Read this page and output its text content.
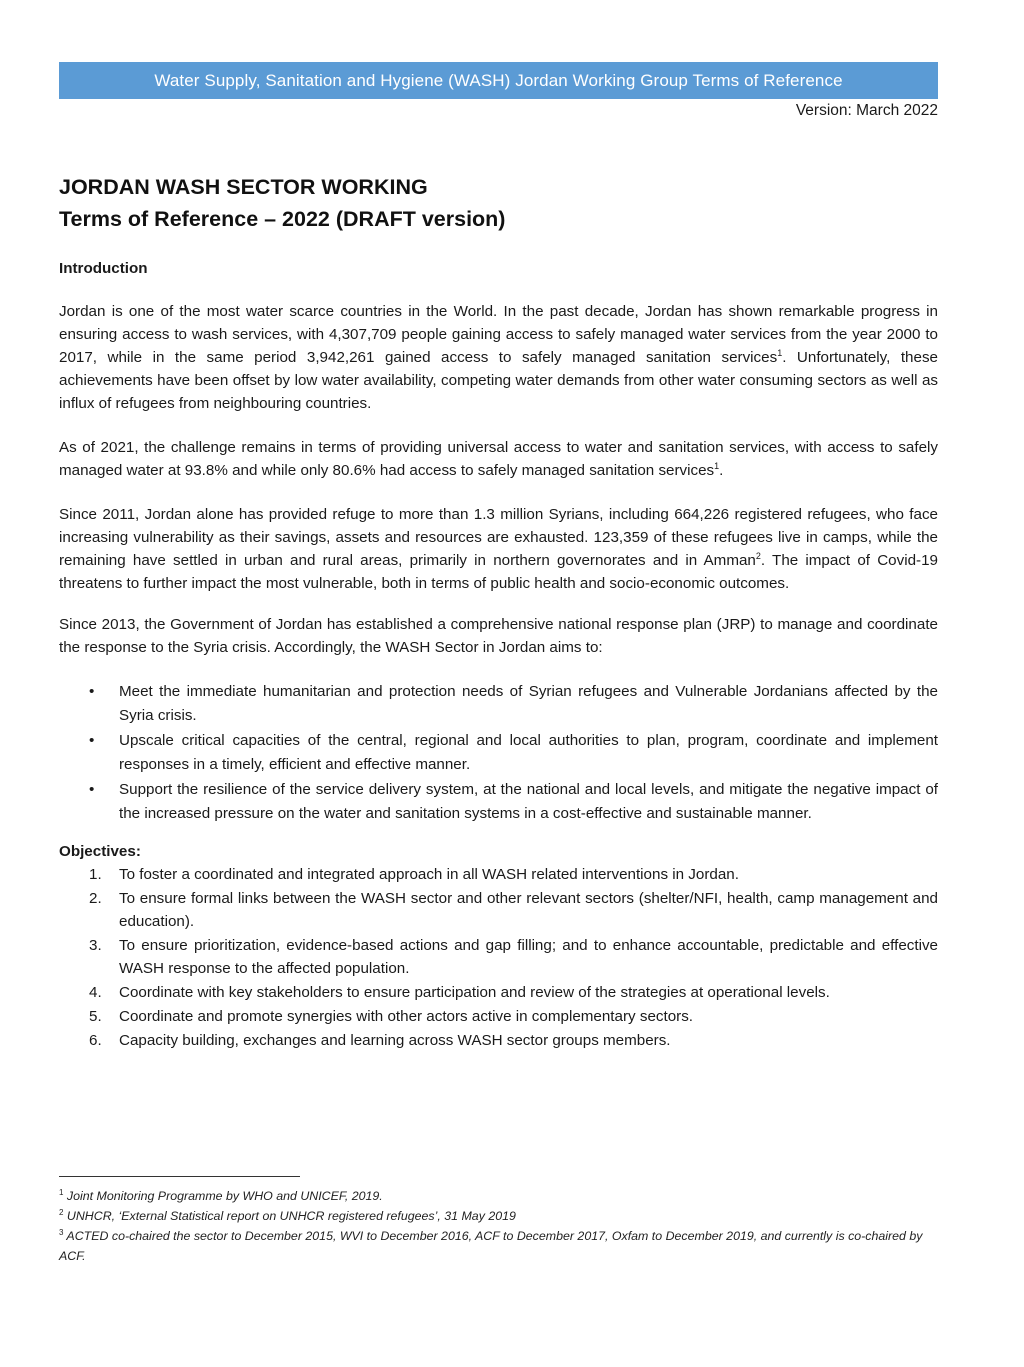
Water Supply, Sanitation and Hygiene (WASH) Jordan Working Group Terms of Reference
Version: March 2022
JORDAN WASH SECTOR WORKING
Terms of Reference – 2022 (DRAFT version)
Introduction

Jordan is one of the most water scarce countries in the World. In the past decade, Jordan has shown remarkable progress in ensuring access to wash services, with 4,307,709 people gaining access to safely managed water services from the year 2000 to 2017, while in the same period 3,942,261 gained access to safely managed sanitation services$^1$. Unfortunately, these achievements have been offset by low water availability, competing water demands from other water consuming sectors as well as influx of refugees from neighbouring countries.

As of 2021, the challenge remains in terms of providing universal access to water and sanitation services, with access to safely managed water at 93.8% and while only 80.6% had access to safely managed sanitation services$^1$.

Since 2011, Jordan alone has provided refuge to more than 1.3 million Syrians, including 664,226 registered refugees, who face increasing vulnerability as their savings, assets and resources are exhausted. 123,359 of these refugees live in camps, while the remaining have settled in urban and rural areas, primarily in northern governorates and in Amman$^2$. The impact of Covid-19 threatens to further impact the most vulnerable, both in terms of public health and socio-economic outcomes.

Since 2013, the Government of Jordan has established a comprehensive national response plan (JRP) to manage and coordinate the response to the Syria crisis. Accordingly, the WASH Sector in Jordan aims to:

• Meet the immediate humanitarian and protection needs of Syrian refugees and Vulnerable Jordanians affected by the Syria crisis.
• Upscale critical capacities of the central, regional and local authorities to plan, program, coordinate and implement responses in a timely, efficient and effective manner.
• Support the resilience of the service delivery system, at the national and local levels, and mitigate the negative impact of the increased pressure on the water and sanitation systems in a cost-effective and sustainable manner.
Objectives:
1. To foster a coordinated and integrated approach in all WASH related interventions in Jordan.
2. To ensure formal links between the WASH sector and other relevant sectors (shelter/NFI, health, camp management and education).
3. To ensure prioritization, evidence-based actions and gap filling; and to enhance accountable, predictable and effective WASH response to the affected population.
4. Coordinate with key stakeholders to ensure participation and review of the strategies at operational levels.
5. Coordinate and promote synergies with other actors active in complementary sectors.
6. Capacity building, exchanges and learning across WASH sector groups members.
$^1$ Joint Monitoring Programme by WHO and UNICEF, 2019.
$^2$ UNHCR, ‘External Statistical report on UNHCR registered refugees’, 31 May 2019
$^3$ ACTED co-chaired the sector to December 2015, WVI to December 2016, ACF to December 2017, Oxfam to December 2019, and currently is co-chaired by ACF.
